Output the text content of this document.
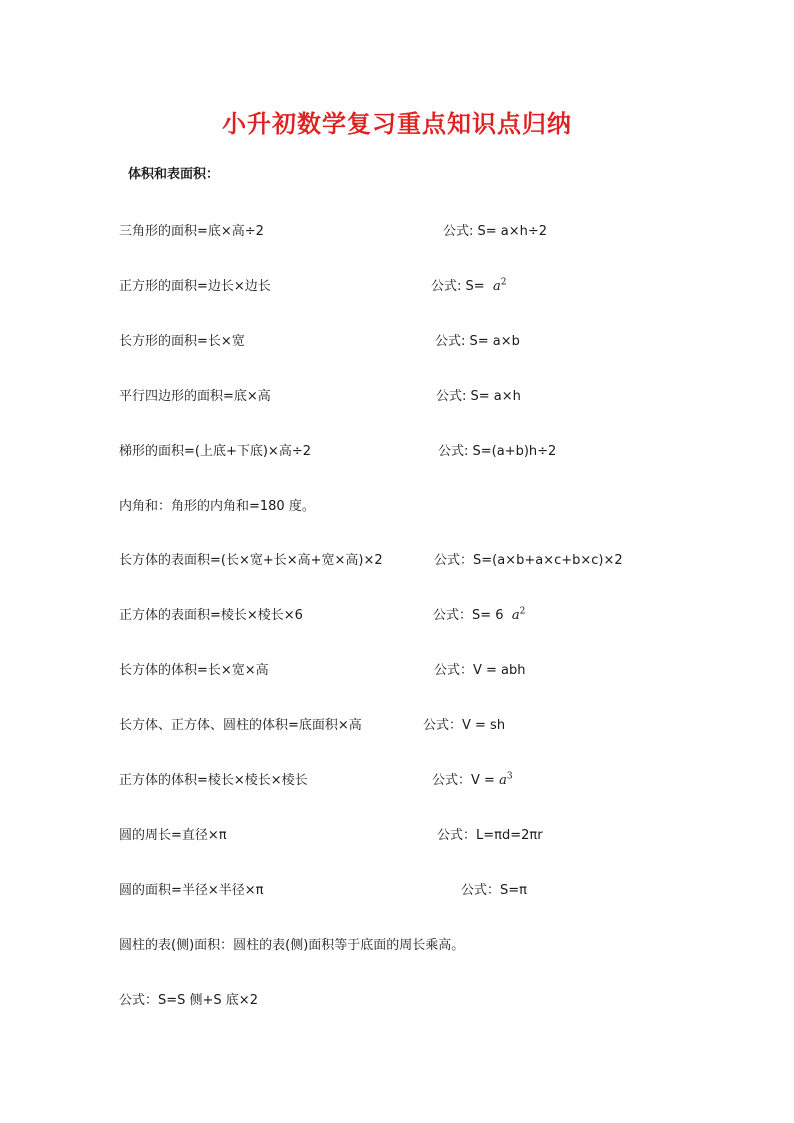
小升初数学复习重点知识点归纳
体积和表面积：
三角形的面积=底×高÷2	公式: S= a×h÷2
正方形的面积=边长×边长	公式: $S= a^2$
长方形的面积=长×宽	公式: S= a×b
平行四边形的面积=底×高	公式: S= a×h
梯形的面积=(上底+下底)×高÷2	公式: S=(a+b)h÷2
内角和：角形的内角和=180 度。
长方体的表面积=(长×宽+长×高+宽×高)×2	公式：S=(a×b+a×c+b×c)×2
正方体的表面积=棱长×棱长×6	公式：S= 6 $a^2$
长方体的体积=长×宽×高	公式：V = abh
长方体、正方体、圆柱的体积=底面积×高	公式：V = sh
正方体的体积=棱长×棱长×棱长	公式：$V = a^3$
圆的周长=直径×π	公式：L=πd=2πr
圆的面积=半径×半径×π	公式：S=π
圆柱的表(侧)面积：圆柱的表(侧)面积等于底面的周长乘高。
公式：S=S 侧+S 底×2
